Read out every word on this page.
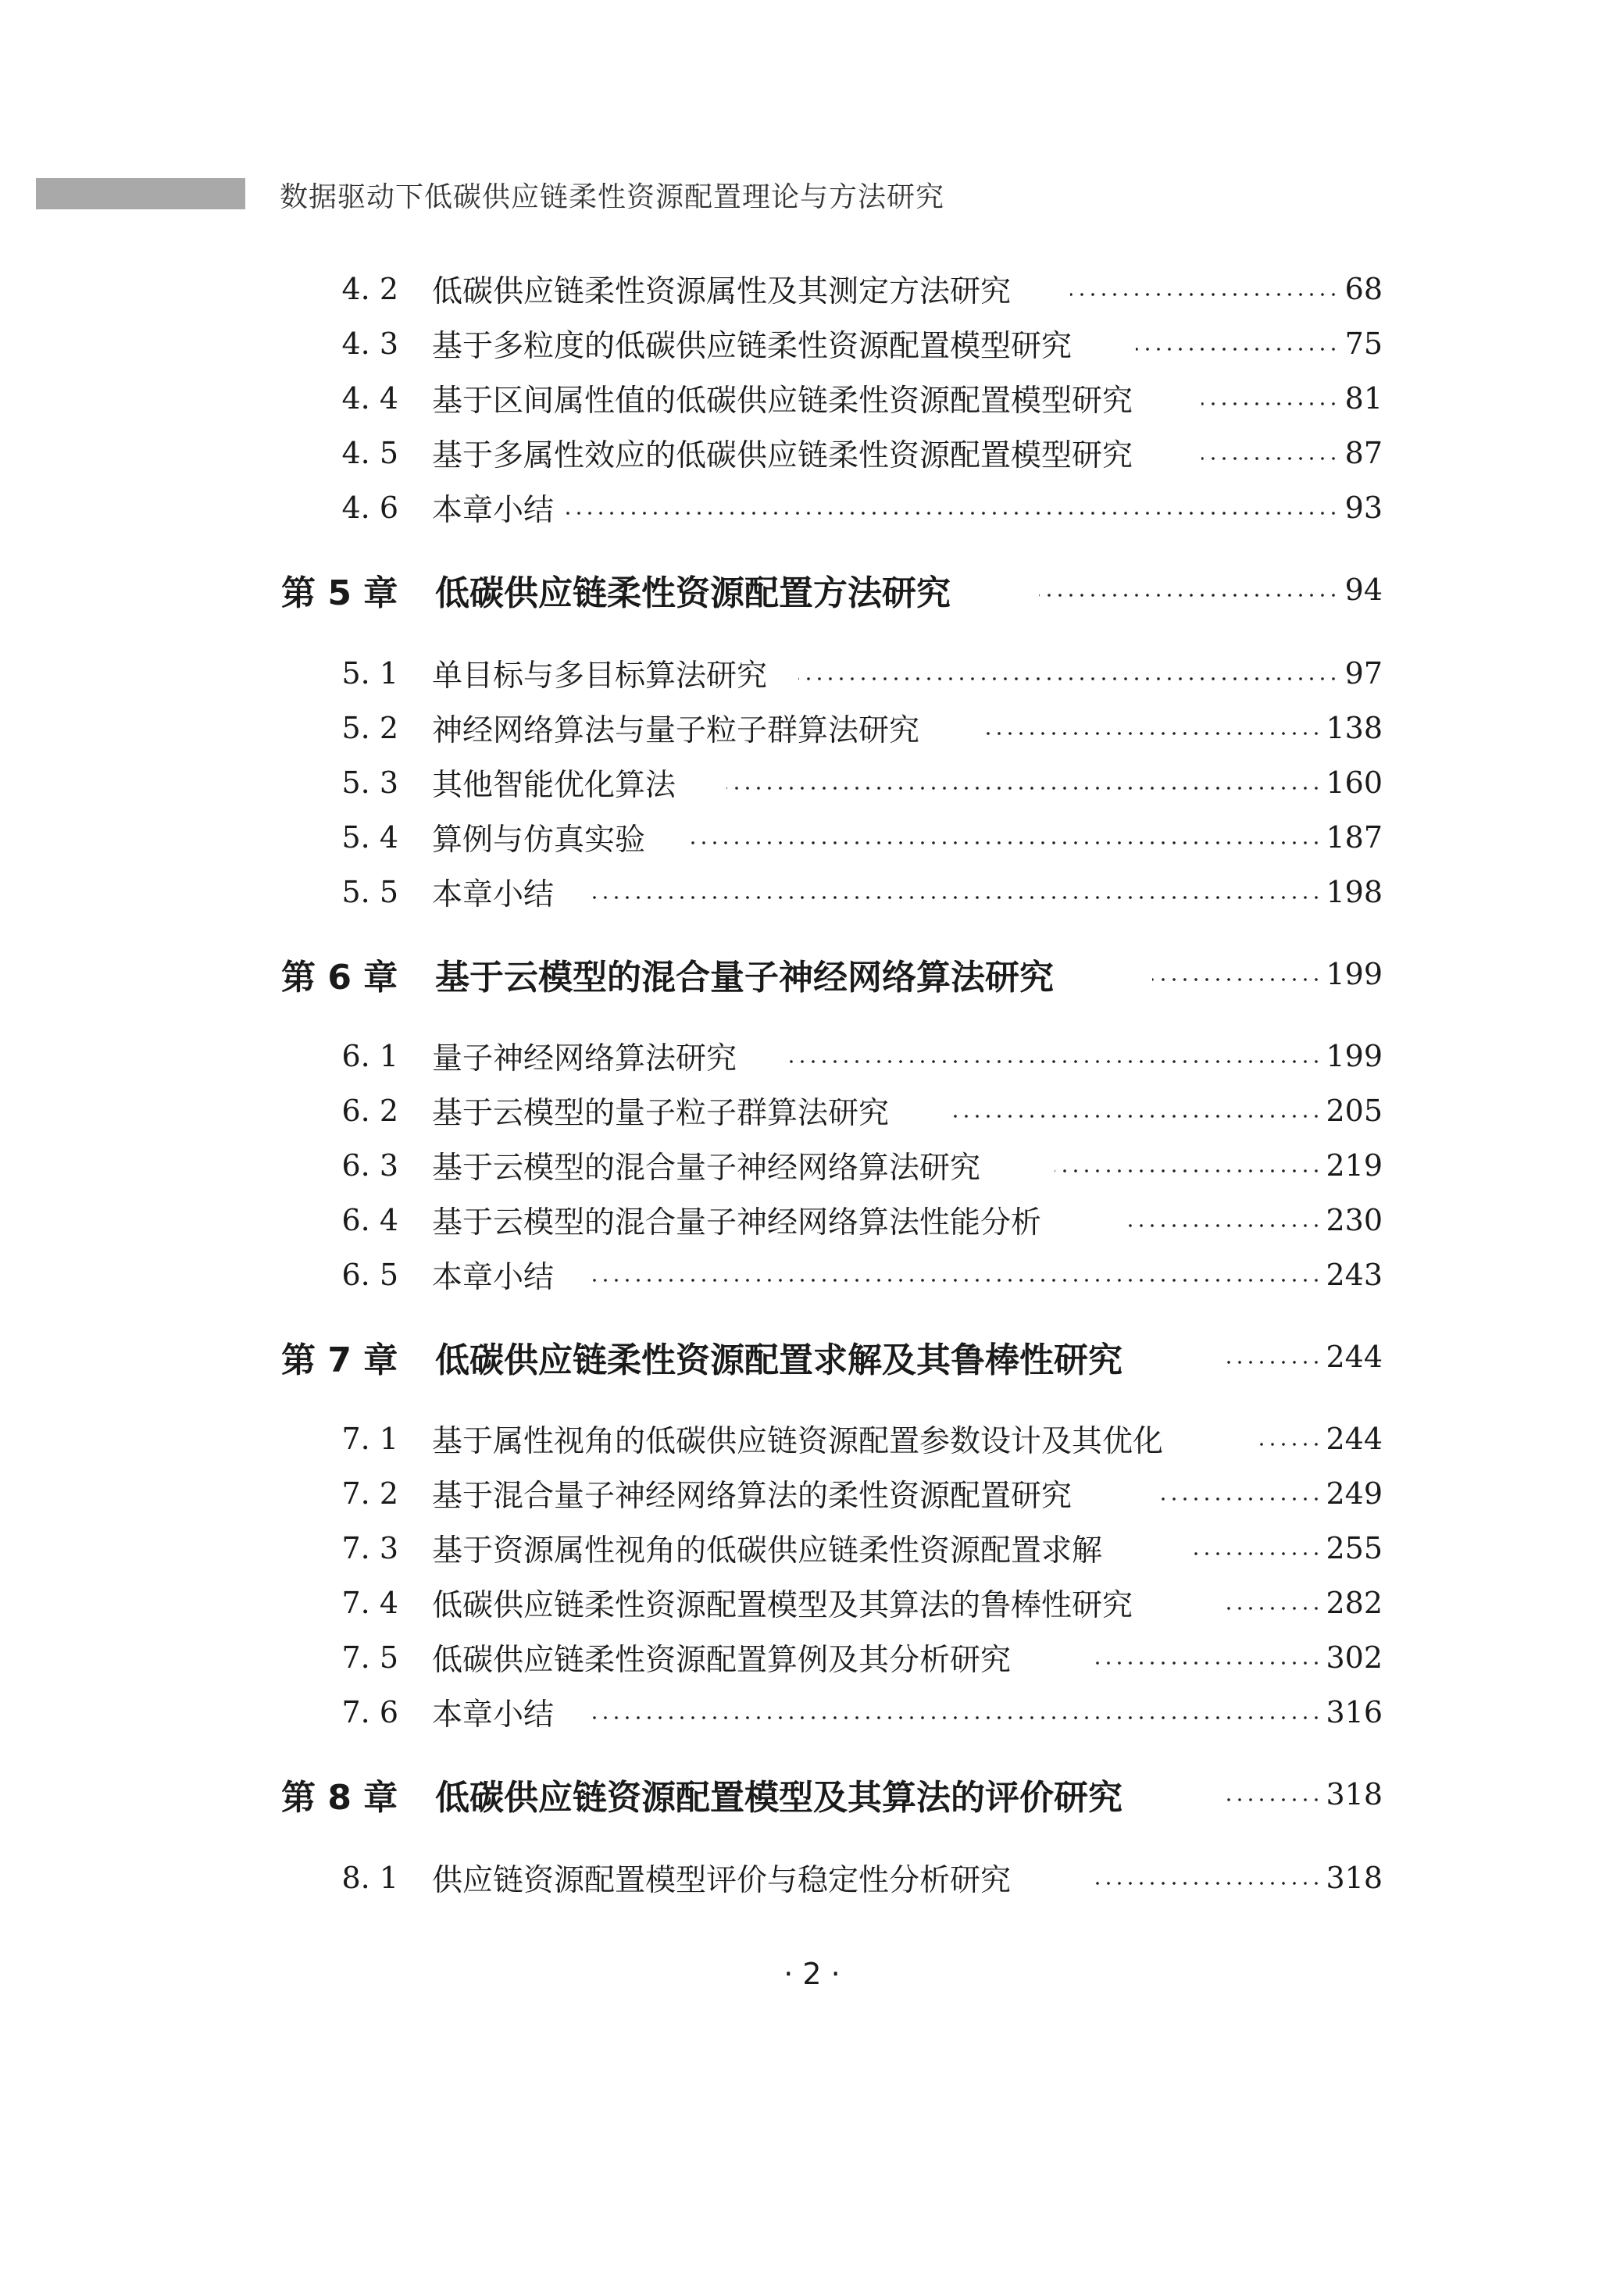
数据驱动下低碳供应链柔性资源配置理论与方法研究
4. 2 低碳供应链柔性资源属性及其测定方法研究	68
4. 3 基于多粒度的低碳供应链柔性资源配置模型研究	75
4. 4 基于区间属性值的低碳供应链柔性资源配置模型研究	81
4. 5 基于多属性效应的低碳供应链柔性资源配置模型研究	87
4. 6 本章小结	93
第 5 章 低碳供应链柔性资源配置方法研究	94
5. 1 单目标与多目标算法研究	97
5. 2 神经网络算法与量子粒子群算法研究	138
5. 3 其他智能优化算法	160
5. 4 算例与仿真实验	187
5. 5 本章小结	198
第 6 章 基于云模型的混合量子神经网络算法研究	199
6. 1 量子神经网络算法研究	199
6. 2 基于云模型的量子粒子群算法研究	205
6. 3 基于云模型的混合量子神经网络算法研究	219
6. 4 基于云模型的混合量子神经网络算法性能分析	230
6. 5 本章小结	243
第 7 章 低碳供应链柔性资源配置求解及其鲁棒性研究	244
7. 1 基于属性视角的低碳供应链资源配置参数设计及其优化	244
7. 2 基于混合量子神经网络算法的柔性资源配置研究	249
7. 3 基于资源属性视角的低碳供应链柔性资源配置求解	255
7. 4 低碳供应链柔性资源配置模型及其算法的鲁棒性研究	282
7. 5 低碳供应链柔性资源配置算例及其分析研究	302
7. 6 本章小结	316
第 8 章 低碳供应链资源配置模型及其算法的评价研究	318
8. 1 供应链资源配置模型评价与稳定性分析研究	318
· 2 ·
